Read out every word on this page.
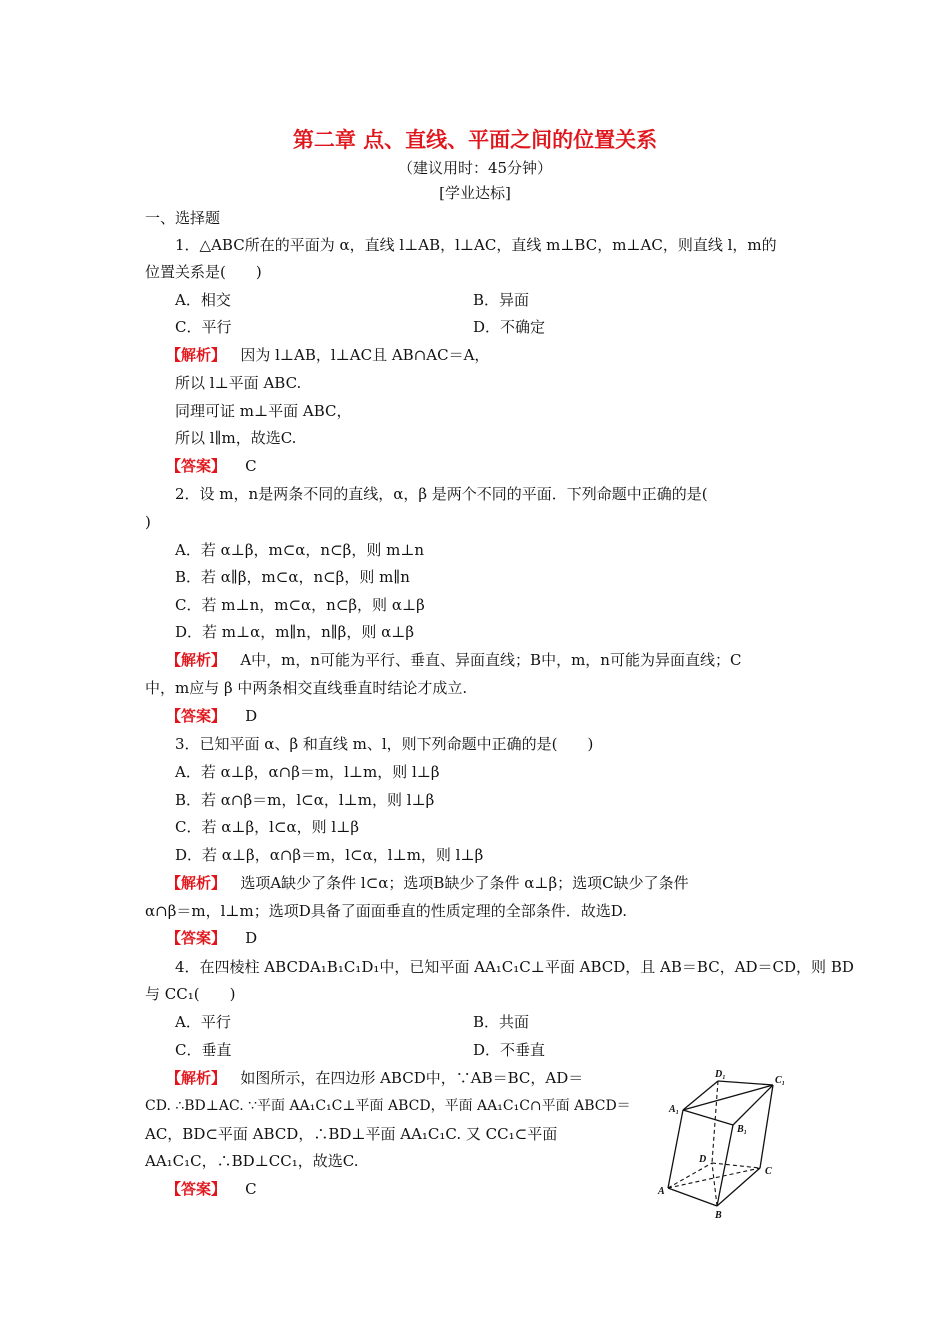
第二章 点、直线、平面之间的位置关系
（建议用时：45分钟）
[学业达标]
一、选择题
1．△ABC所在的平面为 α，直线 l⊥AB，l⊥AC，直线 m⊥BC，m⊥AC，则直线 l，m的
位置关系是(　　)
A．相交	B．异面
C．平行	D．不确定
【解析】 因为 l⊥AB，l⊥AC且 AB∩AC＝A，
所以 l⊥平面 ABC.
同理可证 m⊥平面 ABC，
所以 l∥m，故选C.
【答案】 C
2．设 m，n是两条不同的直线，α，β 是两个不同的平面．下列命题中正确的是(
)
A．若 α⊥β，m⊂α，n⊂β，则 m⊥n
B．若 α∥β，m⊂α，n⊂β，则 m∥n
C．若 m⊥n，m⊂α，n⊂β，则 α⊥β
D．若 m⊥α，m∥n，n∥β，则 α⊥β
【解析】 A中，m，n可能为平行、垂直、异面直线；B中，m，n可能为异面直线；C
中，m应与 β 中两条相交直线垂直时结论才成立.
【答案】 D
3．已知平面 α、β 和直线 m、l，则下列命题中正确的是(　　)
A．若 α⊥β，α∩β＝m，l⊥m，则 l⊥β
B．若 α∩β＝m，l⊂α，l⊥m，则 l⊥β
C．若 α⊥β，l⊂α，则 l⊥β
D．若 α⊥β，α∩β＝m，l⊂α，l⊥m，则 l⊥β
【解析】 选项A缺少了条件 l⊂α；选项B缺少了条件 α⊥β；选项C缺少了条件
α∩β＝m，l⊥m；选项D具备了面面垂直的性质定理的全部条件．故选D.
【答案】 D
4．在四棱柱 ABCDA₁B₁C₁D₁中，已知平面 AA₁C₁C⊥平面 ABCD，且 AB＝BC，AD＝CD，则 BD
与 CC₁(　　)
A．平行	B．共面
C．垂直	D．不垂直
【解析】 如图所示，在四边形 ABCD中，∵AB＝BC，AD＝
CD. ∴BD⊥AC. ∵平面 AA₁C₁C⊥平面 ABCD，平面 AA₁C₁C∩平面 ABCD＝
AC，BD⊂平面 ABCD，∴BD⊥平面 AA₁C₁C. 又 CC₁⊂平面
AA₁C₁C，∴BD⊥CC₁，故选C.
【答案】 C
D₁
C₁
A₁
B₁
D
C
A
B
